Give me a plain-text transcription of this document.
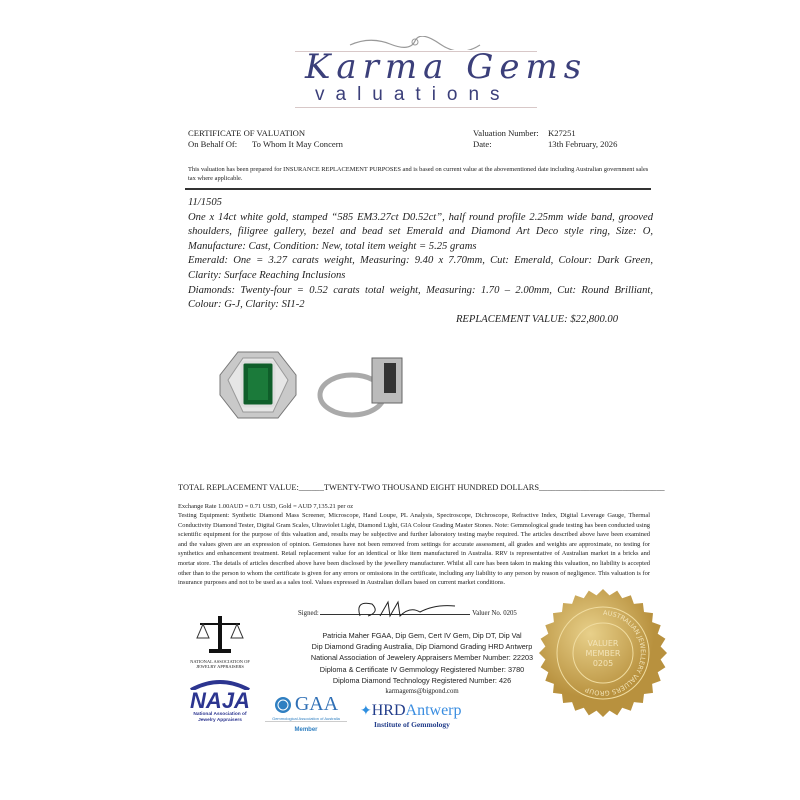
Karma Gems
valuations
CERTIFICATE OF VALUATION
On Behalf Of: To Whom It May Concern
Valuation Number: K27251
Date:	13th February, 2026
This valuation has been prepared for INSURANCE REPLACEMENT PURPOSES and is based on current value at the abovementioned date including Australian government sales tax where applicable.
11/1505
One x 14ct white gold, stamped “585 EM3.27ct D0.52ct”, half round profile 2.25mm wide band, grooved shoulders, filigree gallery, bezel and bead set Emerald and Diamond Art Deco style ring, Size: O, Manufacture: Cast, Condition: New, total item weight = 5.25 grams
Emerald: One = 3.27 carats weight, Measuring: 9.40 x 7.70mm, Cut: Emerald, Colour: Dark Green, Clarity: Surface Reaching Inclusions
Diamonds: Twenty-four = 0.52 carats total weight, Measuring: 1.70 – 2.00mm, Cut: Round Brilliant, Colour: G-J, Clarity: SI1-2
REPLACEMENT VALUE: $22,800.00
TOTAL REPLACEMENT VALUE:______TWENTY-TWO THOUSAND EIGHT HUNDRED DOLLARS______________________________
Exchange Rate 1.00AUD = 0.71 USD, Gold = AUD 7,135.21 per oz
Testing Equipment: Synthetic Diamond Mass Screener, Microscope, Hand Loupe, PL Analysis, Spectroscope, Dichroscope, Refractive Index, Digital Leverage Gauge, Thermal Conductivity Diamond Tester, Digital Gram Scales, Ultraviolet Light, Diamond Light, GIA Colour Grading Master Stones. Note: Gemmological grade testing has been conducted using scientific equipment for the purpose of this valuation and, results may be subjective and further laboratory testing maybe required. The articles described above have been examined and the values given are an expression of opinion. Gemstones have not been removed from settings for accurate assessment, all grades and weights are approximate, no testing for synthetics and enhancement treatment. Retail replacement value for an identical or like item manufactured in Australia. RRV is representative of Australian market in a bricks and mortar store. The details of articles described above have been disclosed by the jewellery manufacturer. Whilst all care has been taken in making this valuation, no liability is accepted other than to the person to whom the certificate is given for any errors or omissions in the certificate, including any liability to any person by reason of negligence. This valuation is for insurance purposes and not to be used as a sales tool. Values expressed in Australian dollars based on current market conditions.
Signed:	Valuer No. 0205
Patricia Maher FGAA, Dip Gem, Cert IV Gem, Dip DT, Dip Val
Dip Diamond Grading Australia, Dip Diamond Grading HRD Antwerp
National Association of Jewelery Appraisers Member Number: 22203
Diploma & Certificate IV Gemmology Registered Number: 3780
Diploma Diamond Technology Registered Number: 426
karmagems@bigpond.com
NATIONAL ASSOCIATION OF JEWELRY APPRAISERS
NAJA
National Association of Jewelry Appraisers
GAA
Gemmological Association of Australia
Member
✦HRDAntwerp
Institute of Gemmology
VALUER MEMBER 0205
AUSTRALIAN JEWELLERY VALUERS GROUP
